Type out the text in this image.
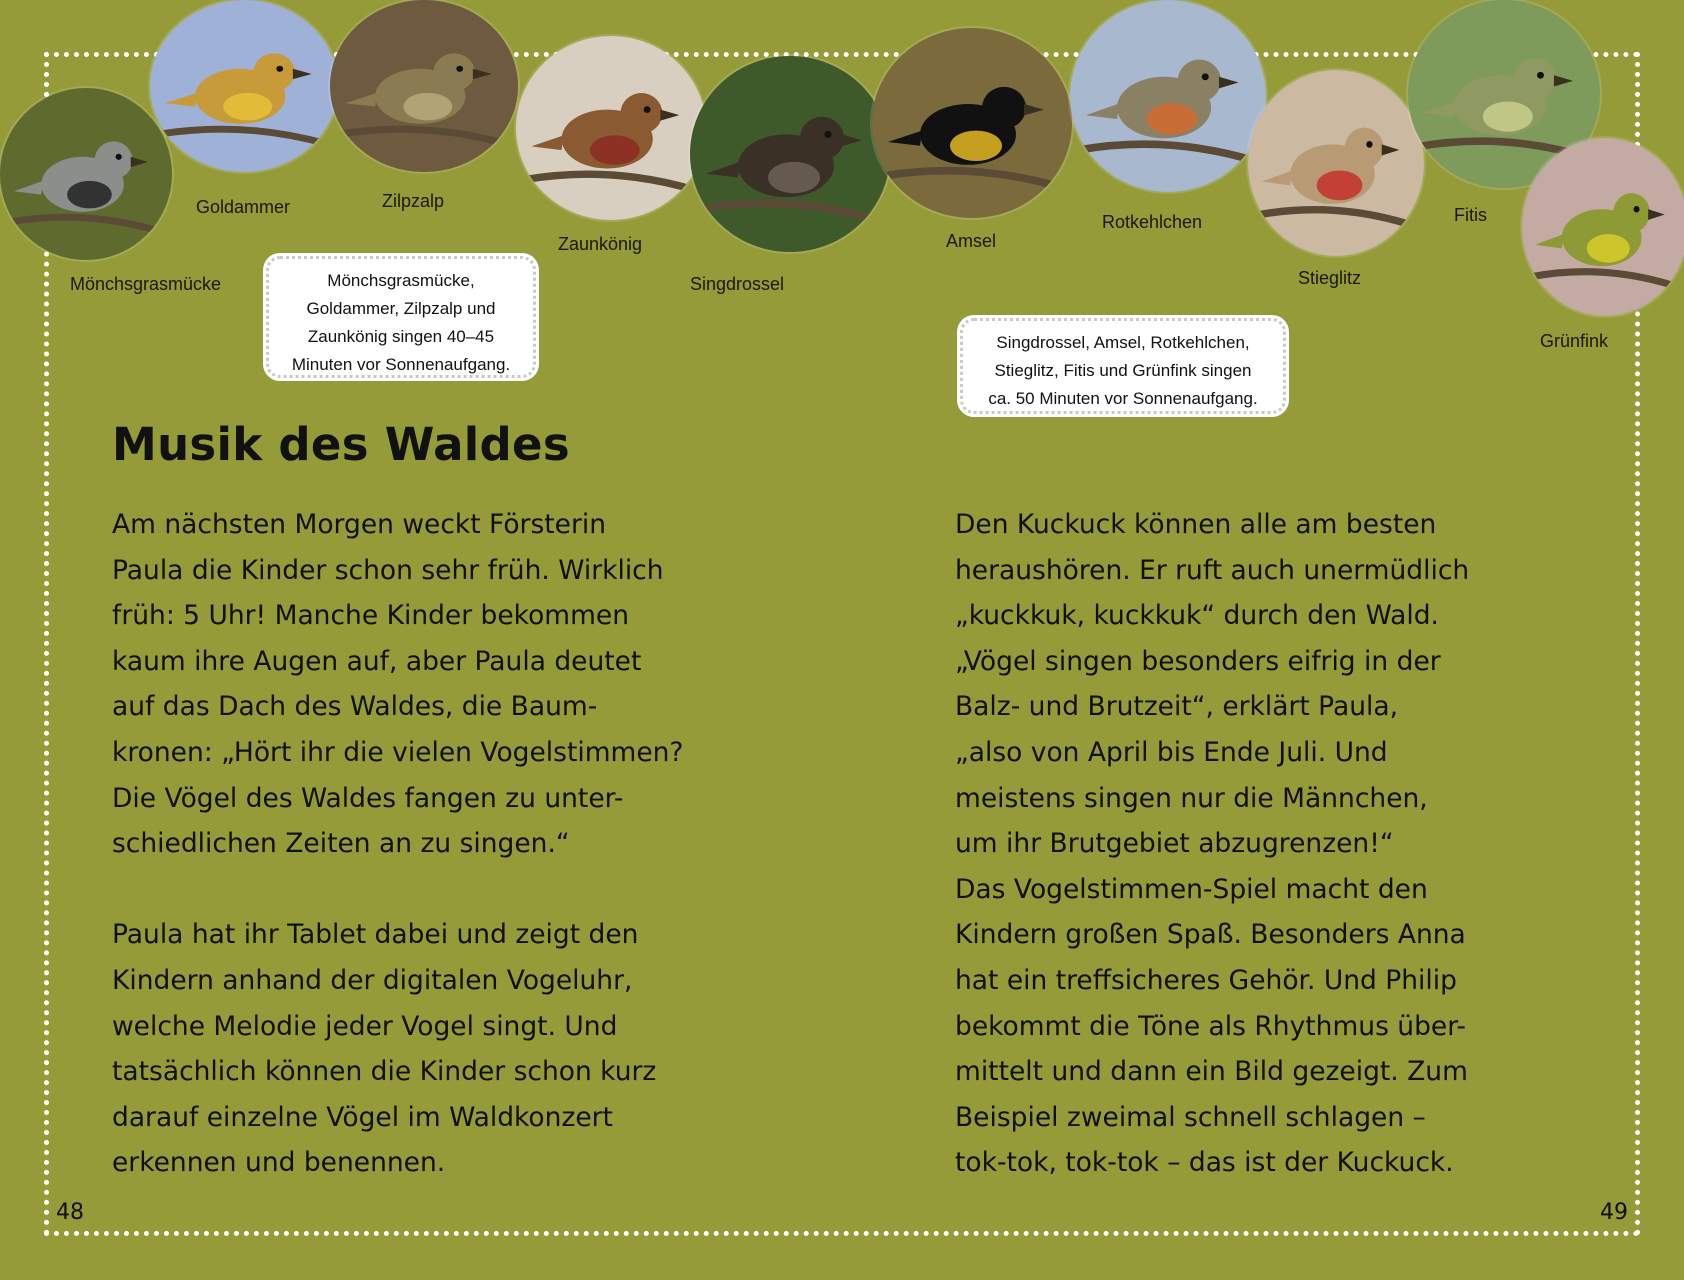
Mönchsgrasmücke
Goldammer	Zilpzalp
Zaunkönig
Singdrossel
Amsel
Rotkehlchen
Stieglitz
Fitis
Grünfink
Mönchsgrasmücke,
Goldammer, Zilpzalp und
Zaunkönig singen 40–45
Minuten vor Sonnenaufgang.
Singdrossel, Amsel, Rotkehlchen,
Stieglitz, Fitis und Grünfink singen
ca. 50 Minuten vor Sonnenaufgang.
Musik des Waldes
Am nächsten Morgen weckt Försterin
Paula die Kinder schon sehr früh. Wirklich
früh: 5 Uhr! Manche Kinder bekommen
kaum ihre Augen auf, aber Paula deutet
auf das Dach des Waldes, die Baum-
kronen: „Hört ihr die vielen Vogelstimmen?
Die Vögel des Waldes fangen zu unter-
schiedlichen Zeiten an zu singen.“
Paula hat ihr Tablet dabei und zeigt den
Kindern anhand der digitalen Vogeluhr,
welche Melodie jeder Vogel singt. Und
tatsächlich können die Kinder schon kurz
darauf einzelne Vögel im Waldkonzert
erkennen und benennen.
Den Kuckuck können alle am besten
heraushören. Er ruft auch unermüdlich
„kuckkuk, kuckkuk“ durch den Wald.
„Vögel singen besonders eifrig in der
Balz- und Brutzeit“, erklärt Paula,
„also von April bis Ende Juli. Und
meistens singen nur die Männchen,
um ihr Brutgebiet abzugrenzen!“
Das Vogelstimmen-Spiel macht den
Kindern großen Spaß. Besonders Anna
hat ein treffsicheres Gehör. Und Philip
bekommt die Töne als Rhythmus über-
mittelt und dann ein Bild gezeigt. Zum
Beispiel zweimal schnell schlagen –
tok-tok, tok-tok – das ist der Kuckuck.
48	49
